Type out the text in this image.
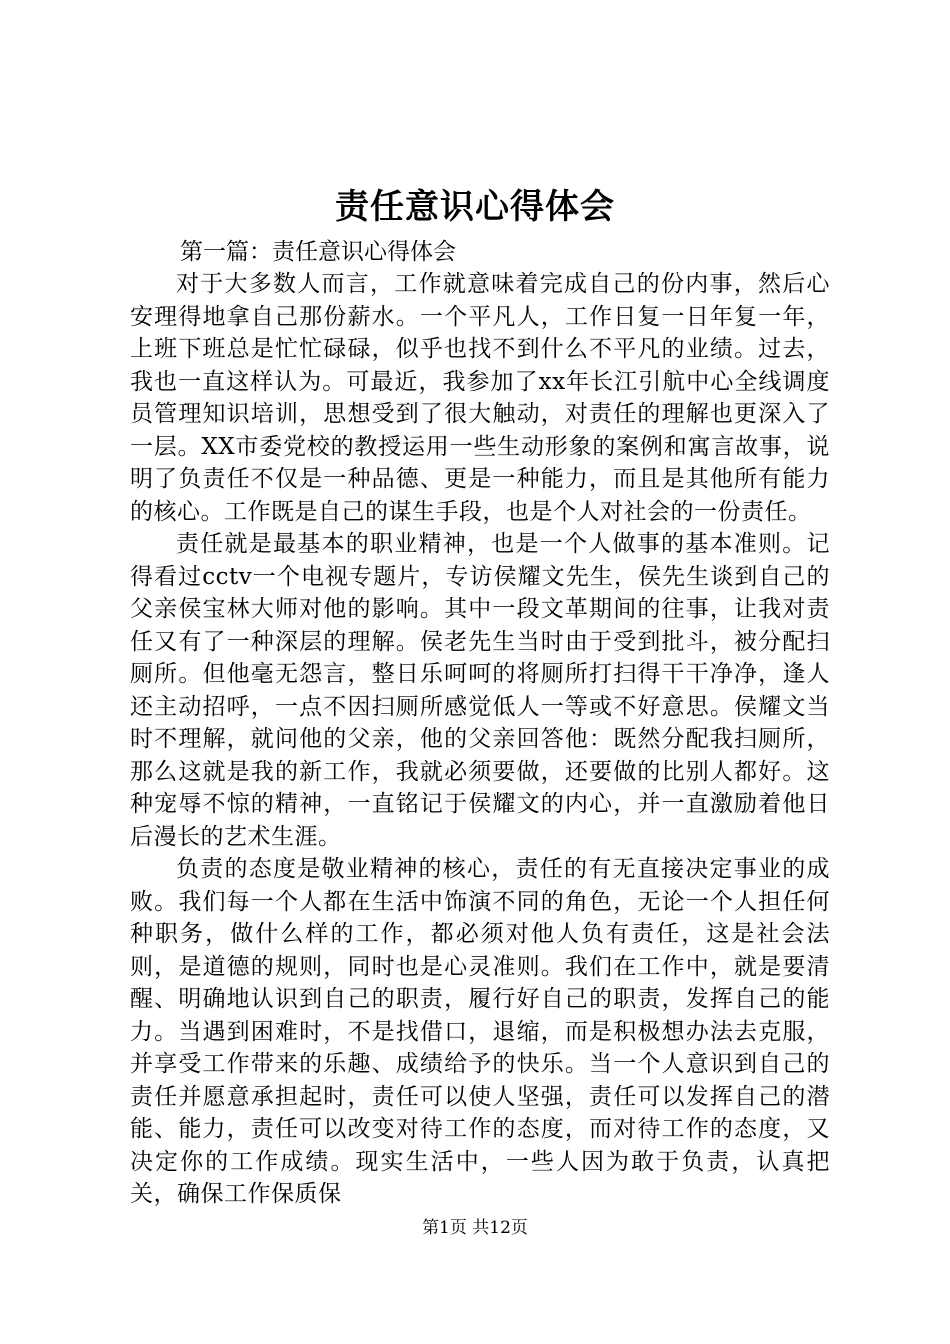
责任意识心得体会
第一篇：责任意识心得体会

对于大多数人而言，工作就意味着完成自己的份内事，然后心安理得地拿自己那份薪水。一个平凡人，工作日复一日年复一年，上班下班总是忙忙碌碌，似乎也找不到什么不平凡的业绩。过去，我也一直这样认为。可最近，我参加了xx年长江引航中心全线调度员管理知识培训，思想受到了很大触动，对责任的理解也更深入了一层。XX市委党校的教授运用一些生动形象的案例和寓言故事，说明了负责任不仅是一种品德、更是一种能力，而且是其他所有能力的核心。工作既是自己的谋生手段，也是个人对社会的一份责任。

责任就是最基本的职业精神，也是一个人做事的基本准则。记得看过cctv一个电视专题片，专访侯耀文先生，侯先生谈到自己的父亲侯宝林大师对他的影响。其中一段文革期间的往事，让我对责任又有了一种深层的理解。侯老先生当时由于受到批斗，被分配扫厕所。但他毫无怨言，整日乐呵呵的将厕所打扫得干干净净，逢人还主动招呼，一点不因扫厕所感觉低人一等或不好意思。侯耀文当时不理解，就问他的父亲，他的父亲回答他：既然分配我扫厕所，那么这就是我的新工作，我就必须要做，还要做的比别人都好。这种宠辱不惊的精神，一直铭记于侯耀文的内心，并一直激励着他日后漫长的艺术生涯。

负责的态度是敬业精神的核心，责任的有无直接决定事业的成败。我们每一个人都在生活中饰演不同的角色，无论一个人担任何种职务，做什么样的工作，都必须对他人负有责任，这是社会法则，是道德的规则，同时也是心灵准则。我们在工作中，就是要清醒、明确地认识到自己的职责，履行好自己的职责，发挥自己的能力。当遇到困难时，不是找借口，退缩，而是积极想办法去克服，并享受工作带来的乐趣、成绩给予的快乐。当一个人意识到自己的责任并愿意承担起时，责任可以使人坚强，责任可以发挥自己的潜能、能力，责任可以改变对待工作的态度，而对待工作的态度，又决定你的工作成绩。现实生活中，一些人因为敢于负责，认真把关，确保工作保质保

第1页 共12页
